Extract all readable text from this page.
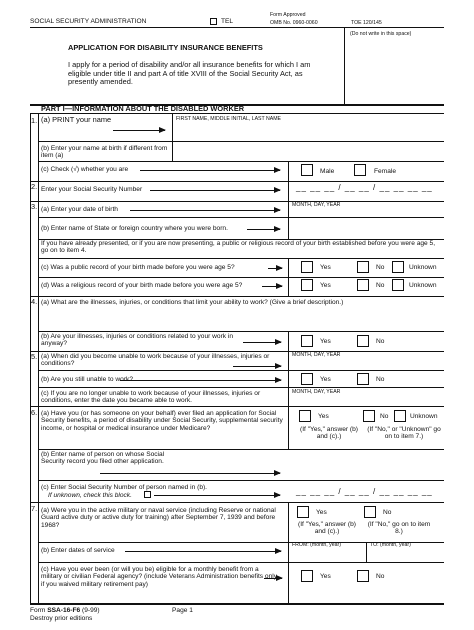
SOCIAL SECURITY ADMINISTRATION	TEL
Form Approved
OMB No. 0960-0060	TOE 120/145
(Do not write in this space)
APPLICATION FOR DISABILITY INSURANCE BENEFITS
I apply for a period of disability and/or all insurance benefits for which I am eligible under title II and part A of title XVIII of the Social Security Act, as presently amended.
PART I—INFORMATION ABOUT THE DISABLED WORKER
1. (a) PRINT your name	FIRST NAME, MIDDLE INITIAL, LAST NAME
(b) Enter your name at birth if different from item (a)
(c) Check (√) whether you are	Male	Female
2. Enter your Social Security Number	__ __ __ / __ __ / __ __ __ __
3. (a) Enter your date of birth
MONTH, DAY, YEAR
(b) Enter name of State or foreign country where you were born.
If you have already presented, or if you are now presenting, a public or religious record of your birth established before you were age 5, go on to item 4.
(c) Was a public record of your birth made before you were age 5?	Yes	No	Unknown
(d) Was a religious record of your birth made before you were age 5?	Yes	No	Unknown
4. (a) What are the illnesses, injuries, or conditions that limit your ability to work? (Give a brief description.)
(b) Are your illnesses, injuries or conditions related to your work in anyway?	Yes	No
5. (a) When did you become unable to work because of your illnesses, injuries or conditions?
MONTH, DAY, YEAR
(b) Are you still unable to work?	Yes	No
(c) If you are no longer unable to work because of your illnesses, injuries or conditions, enter the date you became able to work.
MONTH, DAY, YEAR
6. (a) Have you (or has someone on your behalf) ever filed an application for Social Security benefits, a period of disability under Social Security, supplemental security income, or hospital or medical insurance under Medicare?
Yes	No	Unknown
(If "Yes," answer (b) and (c).)
(If "No," or "Unknown" go on to item 7.)
(b) Enter name of person on whose Social Security record you filed other application.
(c) Enter Social Security Number of person named in (b).
If unknown, check this block.	__ __ __ / __ __ / __ __ __ __
7. (a) Were you in the active military or naval service (including Reserve or national Guard active duty or active duty for training) after September 7, 1939 and before 1968?
Yes	No
(If "Yes," answer (b) and (c).)
(If "No," go on to item 8.)
FROM: (month, year)	TO: (month, year)
(b) Enter dates of service
(c) Have you ever been (or will you be) eligible for a monthly benefit from a military or civilian Federal agency? (include Veterans Administration benefits only if you waived military retirement pay)
Yes	No
Form SSA-16-F6 (9-99)
Destroy prior editions
Page 1
